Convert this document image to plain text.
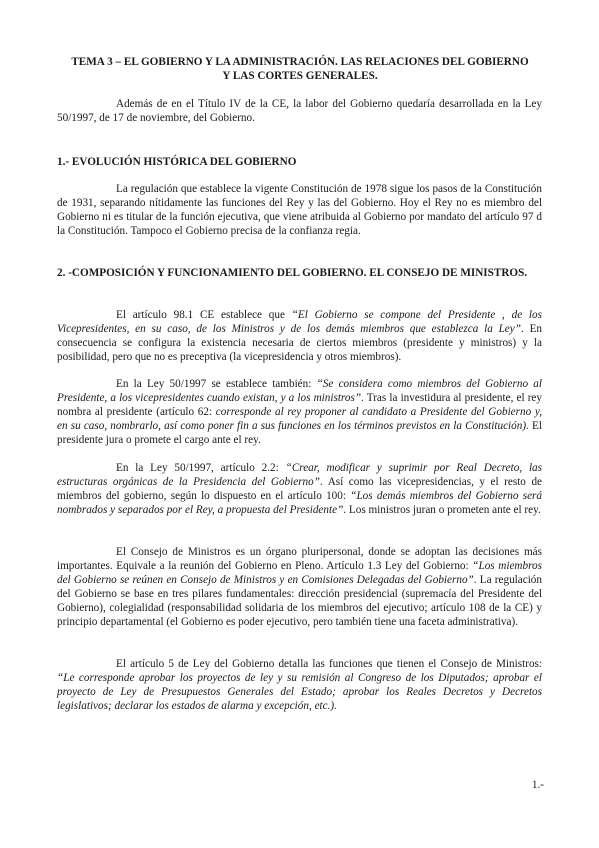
TEMA 3 – EL GOBIERNO Y LA ADMINISTRACIÓN. LAS RELACIONES DEL GOBIERNO Y LAS CORTES GENERALES.

Además de en el Título IV de la CE, la labor del Gobierno quedaría desarrollada en la Ley 50/1997, de 17 de noviembre, del Gobierno.

1.- EVOLUCIÓN HISTÓRICA DEL GOBIERNO

La regulación que establece la vigente Constitución de 1978 sigue los pasos de la Constitución de 1931, separando nítidamente las funciones del Rey y las del Gobierno. Hoy el Rey no es miembro del Gobierno ni es titular de la función ejecutiva, que viene atribuida al Gobierno por mandato del artículo 97 d la Constitución. Tampoco el Gobierno precisa de la confianza regia.

2. -COMPOSICIÓN Y FUNCIONAMIENTO DEL GOBIERNO. EL CONSEJO DE MINISTROS.

El artículo 98.1 CE establece que “El Gobierno se compone del Presidente , de los Vicepresidentes, en su caso, de los Ministros y de los demás miembros que establezca la Ley”. En consecuencia se configura la existencia necesaria de ciertos miembros (presidente y ministros) y la posibilidad, pero que no es preceptiva (la vicepresidencia y otros miembros).

En la Ley 50/1997 se establece también: “Se considera como miembros del Gobierno al Presidente, a los vicepresidentes cuando existan, y a los ministros”. Tras la investidura al presidente, el rey nombra al presidente (artículo 62: corresponde al rey proponer al candidato a Presidente del Gobierno y, en su caso, nombrarlo, así como poner fin a sus funciones en los términos previstos en la Constitución). El presidente jura o promete el cargo ante el rey.

En la Ley 50/1997, artículo 2.2: “Crear, modificar y suprimir por Real Decreto, las estructuras orgánicas de la Presidencia del Gobierno”. Así como las vicepresidencias, y el resto de miembros del gobierno, según lo dispuesto en el artículo 100: “Los demás miembros del Gobierno será nombrados y separados por el Rey, a propuesta del Presidente”. Los ministros juran o prometen ante el rey.

El Consejo de Ministros es un órgano pluripersonal, donde se adoptan las decisiones más importantes. Equivale a la reunión del Gobierno en Pleno. Artículo 1.3 Ley del Gobierno: “Los miembros del Gobierno se reúnen en Consejo de Ministros y en Comisiones Delegadas del Gobierno”. La regulación del Gobierno se base en tres pilares fundamentales: dirección presidencial (supremacía del Presidente del Gobierno), colegialidad (responsabilidad solidaria de los miembros del ejecutivo; artículo 108 de la CE) y principio departamental (el Gobierno es poder ejecutivo, pero también tiene una faceta administrativa).

El artículo 5 de Ley del Gobierno detalla las funciones que tienen el Consejo de Ministros: “Le corresponde aprobar los proyectos de ley y su remisión al Congreso de los Diputados; aprobar el proyecto de Ley de Presupuestos Generales del Estado; aprobar los Reales Decretos y Decretos legislativos; declarar los estados de alarma y excepción, etc.).

1.-
